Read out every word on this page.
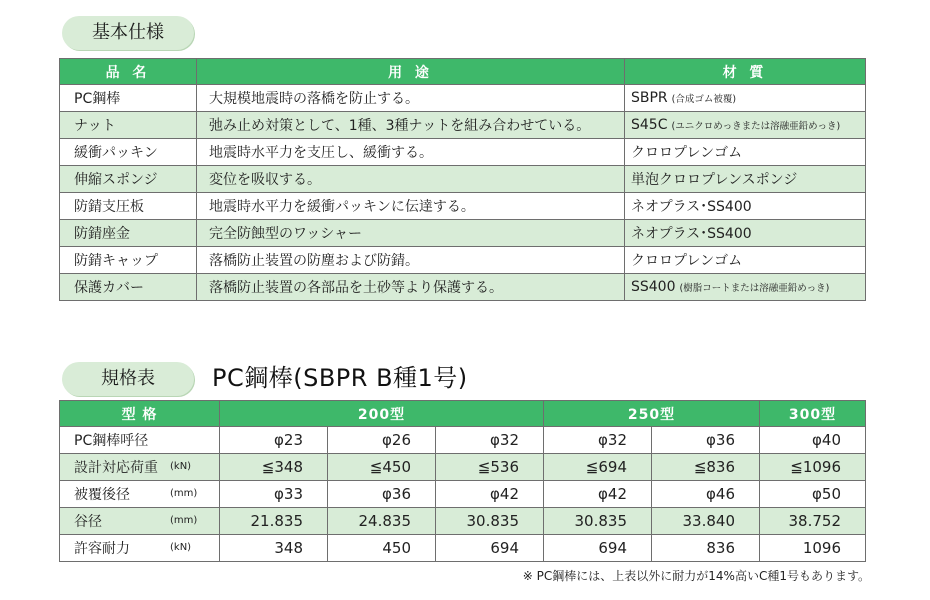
基本仕様
品 名	用 途	材 質
PC鋼棒	大規模地震時の落橋を防止する。	SBPR (合成ゴム被覆)
ナット	弛み止め対策として、1種、3種ナットを組み合わせている。	S45C (ユニクロめっきまたは溶融亜鉛めっき)
緩衝パッキン	地震時水平力を支圧し、緩衝する。	クロロプレンゴム
伸縮スポンジ	変位を吸収する。	単泡クロロプレンスポンジ
防錆支圧板	地震時水平力を緩衝パッキンに伝達する。	ネオプラス･SS400
防錆座金	完全防蝕型のワッシャー	ネオプラス･SS400
防錆キャップ	落橋防止装置の防塵および防錆。	クロロプレンゴム
保護カバー	落橋防止装置の各部品を土砂等より保護する。	SS400 (樹脂コートまたは溶融亜鉛めっき)
規格表	PC鋼棒(SBPR B種1号)
型 格	200型			250型		300型

PC鋼棒呼径	φ23	φ26	φ32	φ32	φ36	φ40

設計対応荷重 (kN)	≦348	≦450	≦536	≦694	≦836	≦1096

被覆後径 (mm)	φ33	φ36	φ42	φ42	φ46	φ50

谷径 (mm)	21.835	24.835	30.835	30.835	33.840	38.752

許容耐力 (kN)	348	450	694	694	836	1096
※ PC鋼棒には、上表以外に耐力が14%高いC種1号もあります。
